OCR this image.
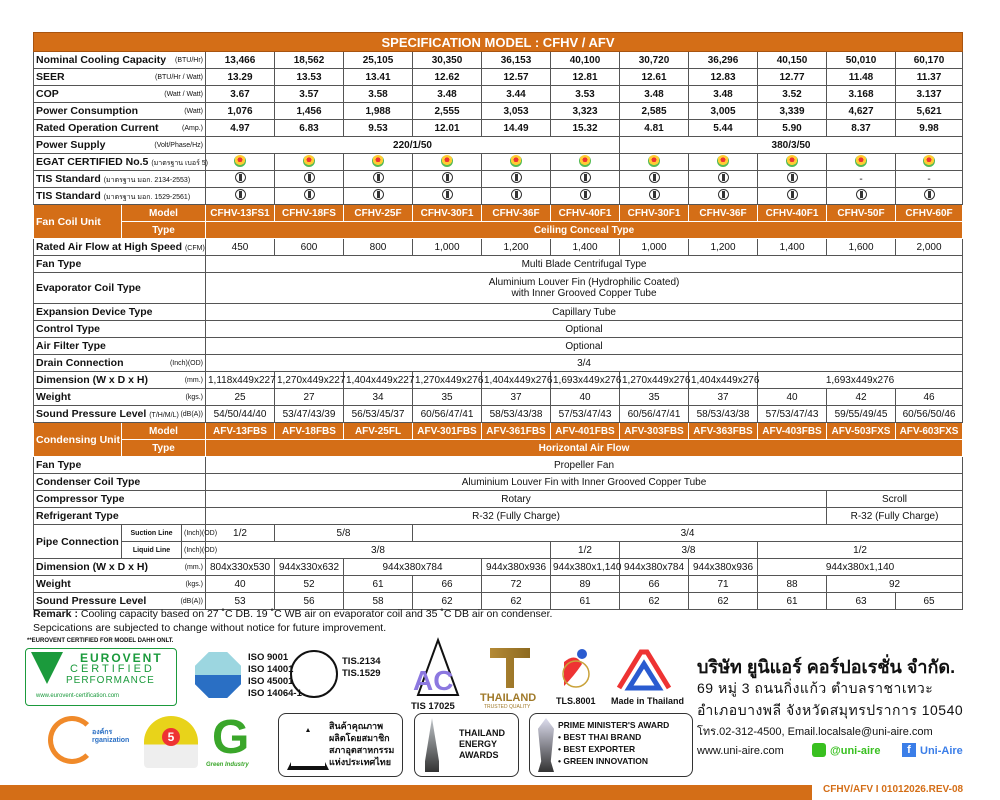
SPECIFICATION MODEL : CFHV / AFV													
Nominal Cooling Capacity (BTU/Hr)			13,466	18,562	25,105	30,350	36,153	40,100	30,720	36,296	40,150	50,010	60,170
SEER (BTU/Hr / Watt)			13.29	13.53	13.41	12.62	12.57	12.81	12.61	12.83	12.77	11.48	11.37
COP (Watt / Watt)			3.67	3.57	3.58	3.48	3.44	3.53	3.48	3.48	3.52	3.168	3.137
Power Consumption (Watt)			1,076	1,456	1,988	2,555	3,053	3,323	2,585	3,005	3,339	4,627	5,621
Rated Operation Current (Amp.)			4.97	6.83	9.53	12.01	14.49	15.32	4.81	5.44	5.90	8.37	9.98
Power Supply (Volt/Phase/Hz)			220/1/50						380/3/50				
EGAT CERTIFIED No.5 (มาตรฐาน เบอร์ 5)													
TIS Standard (มาตรฐาน มอก. 2134-2553)												-	-
TIS Standard (มาตรฐาน มอก. 1529-2561)													
Fan Coil Unit	Model		CFHV-13FS1	CFHV-18FS	CFHV-25F	CFHV-30F1	CFHV-36F	CFHV-40F1	CFHV-30F1	CFHV-36F	CFHV-40F1	CFHV-50F	CFHV-60F
	Type		Ceiling Conceal Type										
Rated Air Flow at High Speed (CFM)			450	600	800	1,000	1,200	1,400	1,000	1,200	1,400	1,600	2,000
Fan Type			Multi Blade Centrifugal Type										
Evaporator Coil Type			Aluminium Louver Fin (Hydrophilic Coated)
with Inner Grooved Copper Tube										

Expansion Device Type			Capillary Tube										
Control Type			Optional										
Air Filter Type			Optional										
Drain Connection (Inch)(OD)			3/4										
Dimension (W x D x H) (mm.)			1,118x449x227	1,270x449x227	1,404x449x227	1,270x449x276	1,404x449x276	1,693x449x276	1,270x449x276	1,404x449x276	1,693x449x276		
Weight (kgs.)			25	27	34	35	37	40	35	37	40	42	46
Sound Pressure Level (T/H/M/L) (dB(A))			54/50/44/40	53/47/43/39	56/53/45/37	60/56/47/41	58/53/43/38	57/53/47/43	60/56/47/41	58/53/43/38	57/53/47/43	59/55/49/45	60/56/50/46
Condensing Unit	Model		AFV-13FBS	AFV-18FBS	AFV-25FL	AFV-301FBS	AFV-361FBS	AFV-401FBS	AFV-303FBS	AFV-363FBS	AFV-403FBS	AFV-503FXS	AFV-603FXS
	Type		Horizontal Air Flow										
Fan Type			Propeller Fan										
Condenser Coil Type			Aluminium Louver Fin with Inner Grooved Copper Tube										
Compressor Type			Rotary									Scroll	
Refrigerant Type			R-32 (Fully Charge)									R-32 (Fully Charge)	
Pipe Connection	Suction Line	(Inch)(OD)	1/2	5/8		3/4							
	Liquid Line	(Inch)(OD)	3/8					1/2	3/8		1/2		
Dimension (W x D x H) (mm.)			804x330x530	944x330x632	944x380x784		944x380x936	944x380x1,140	944x380x784	944x380x936	944x380x1,140		
Weight (kgs.)			40	52	61	66	72	89	66	71	88	92	
Sound Pressure Level (dB(A))			53	56	58	62	62	61	62	62	61	63	65
Remark : Cooling capacity based on 27 ˚C DB. 19 ˚C WB air on evaporator coil and 35 ˚C DB air on condenser.
Sepcications are subjected to change without notice for future improvement.
**EUROVENT CERTIFIED FOR MODEL DAHH ONLT.
EUROVENT
CERTIFIED
PERFORMANCE
www.eurovent-certification.com
ISO 9001
ISO 14001
ISO 45001
ISO 14064-1
TIS.2134
TIS.1529 AC
TIS 17025
THAILAND
TRUSTED QUALITY
TLS.8001 Made in Thailand
บริษัท ยูนิแอร์ คอร์ปอเรชั่น จำกัด.
69 หมู่ 3 ถนนกิ่งแก้ว ตำบลราชาเทวะ
อำเภอบางพลี จังหวัดสมุทรปราการ 10540
โทร.02-312-4500, Email.localsale@uni-aire.com
www.uni-aire.com	@uni-aire	f Uni-Aire
องค์กร
rganization	5 G
Green Industry
สินค้าคุณภาพ
ผลิตโดยสมาชิก
สภาอุตสาหกรรม
แห่งประเทศไทย
THAILAND
ENERGY
AWARDS
PRIME MINISTER'S AWARD
• BEST THAI BRAND
• BEST EXPORTER
• GREEN INNOVATION
CFHV/AFV I 01012026.REV-08
